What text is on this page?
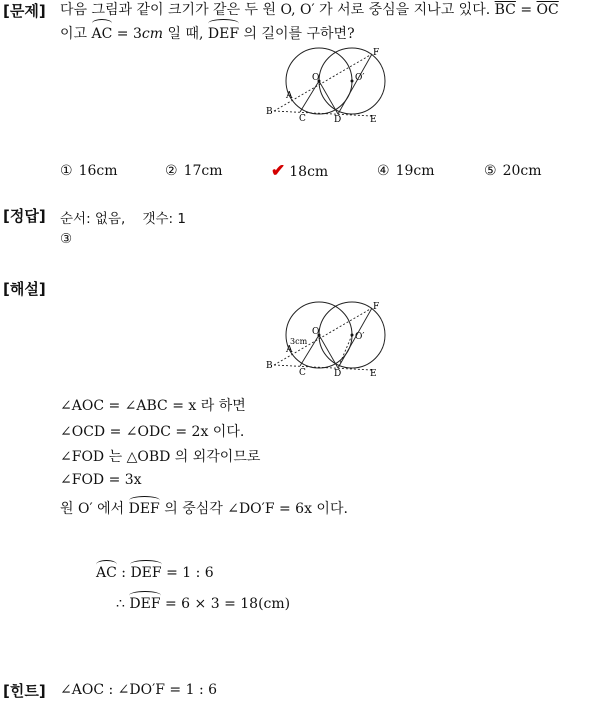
[문제]
[정답]
[해설]
[힌트]
다음 그림과 같이 크기가 같은 두 원 O, O′ 가 서로 중심을 지나고 있다. $\overline{BC} = \overline{OC}$
이고 AC = 3cm 일 때, DEF 의 길이를 구하면?
O	O′
A
B
C	D	E
F
① 16cm	② 17cm	✔ 18cm	④ 19cm	⑤ 20cm
순서: 없음,    갯수: 1
③
O	O′
3cm
A
B
C	D	E
F
∠AOC = ∠ABC = x 라 하면
∠OCD = ∠ODC = 2x 이다.
∠FOD 는 △OBD 의 외각이므로
∠FOD = 3x
원 O′ 에서 DEF 의 중심각 ∠DO′F = 6x 이다.
AC : DEF = 1 : 6
∴ DEF = 6 × 3 = 18(cm)
∠AOC : ∠DO′F = 1 : 6
